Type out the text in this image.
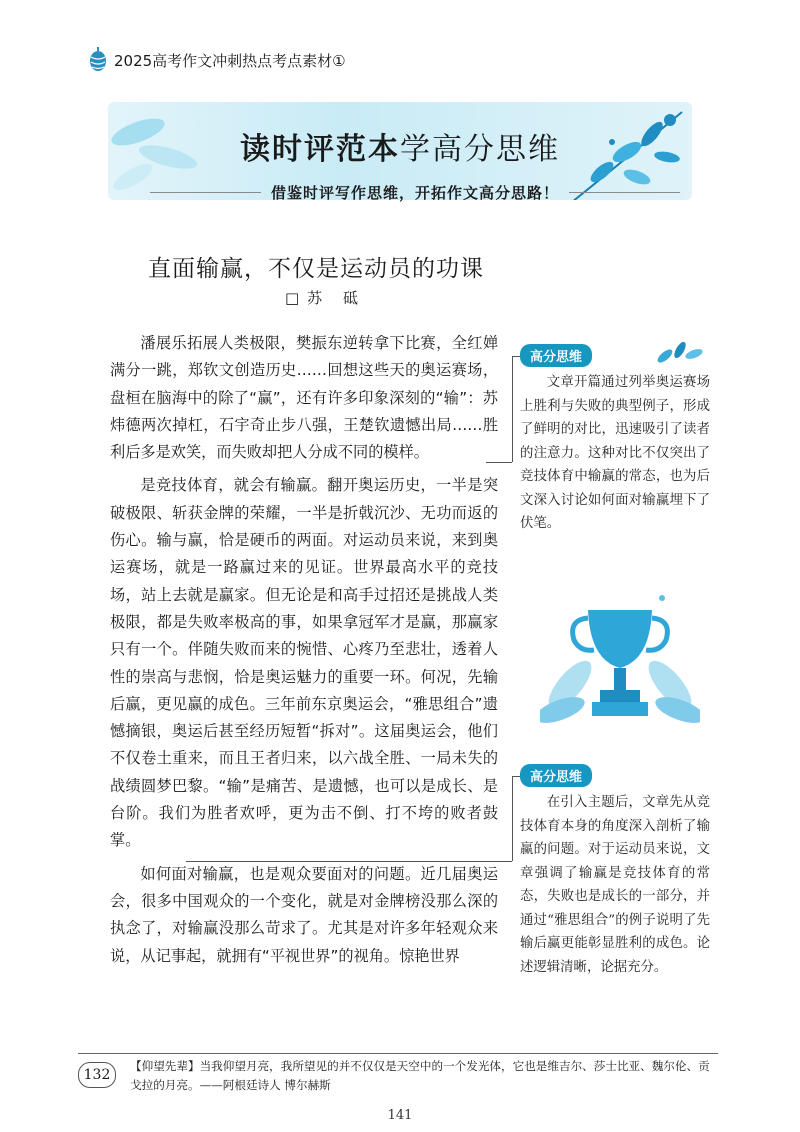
2025高考作文冲刺热点考点素材①
读时评范本学高分思维
借鉴时评写作思维，开拓作文高分思路！
直面输赢，不仅是运动员的功课
□苏 砥

潘展乐拓展人类极限，樊振东逆转拿下比赛，全红婵满分一跳，郑钦文创造历史……回想这些天的奥运赛场，盘桓在脑海中的除了“赢”，还有许多印象深刻的“输”：苏炜德两次掉杠，石宇奇止步八强，王楚钦遗憾出局……胜利后多是欢笑，而失败却把人分成不同的模样。

是竞技体育，就会有输赢。翻开奥运历史，一半是突破极限、斩获金牌的荣耀，一半是折戟沉沙、无功而返的伤心。输与赢，恰是硬币的两面。对运动员来说，来到奥运赛场，就是一路赢过来的见证。世界最高水平的竞技场，站上去就是赢家。但无论是和高手过招还是挑战人类极限，都是失败率极高的事，如果拿冠军才是赢，那赢家只有一个。伴随失败而来的惋惜、心疼乃至悲壮，透着人性的崇高与悲悯，恰是奥运魅力的重要一环。何况，先输后赢，更见赢的成色。三年前东京奥运会，“雅思组合”遗憾摘银，奥运后甚至经历短暂“拆对”。这届奥运会，他们不仅卷土重来，而且王者归来，以六战全胜、一局未失的战绩圆梦巴黎。“输”是痛苦、是遗憾，也可以是成长、是台阶。我们为胜者欢呼，更为击不倒、打不垮的败者鼓掌。

如何面对输赢，也是观众要面对的问题。近几届奥运会，很多中国观众的一个变化，就是对金牌榜没那么深的执念了，对输赢没那么苛求了。尤其是对许多年轻观众来说，从记事起，就拥有“平视世界”的视角。惊艳世界

高分思维
文章开篇通过列举奥运赛场上胜利与失败的典型例子，形成了鲜明的对比，迅速吸引了读者的注意力。这种对比不仅突出了竞技体育中输赢的常态，也为后文深入讨论如何面对输赢埋下了伏笔。
高分思维
在引入主题后，文章先从竞技体育本身的角度深入剖析了输赢的问题。对于运动员来说，文章强调了输赢是竞技体育的常态，失败也是成长的一部分，并通过“雅思组合”的例子说明了先输后赢更能彰显胜利的成色。论述逻辑清晰，论据充分。
132
【仰望先辈】当我仰望月亮，我所望见的并不仅仅是天空中的一个发光体，它也是维吉尔、莎士比亚、魏尔伦、贡戈拉的月亮。——阿根廷诗人 博尔赫斯
141
